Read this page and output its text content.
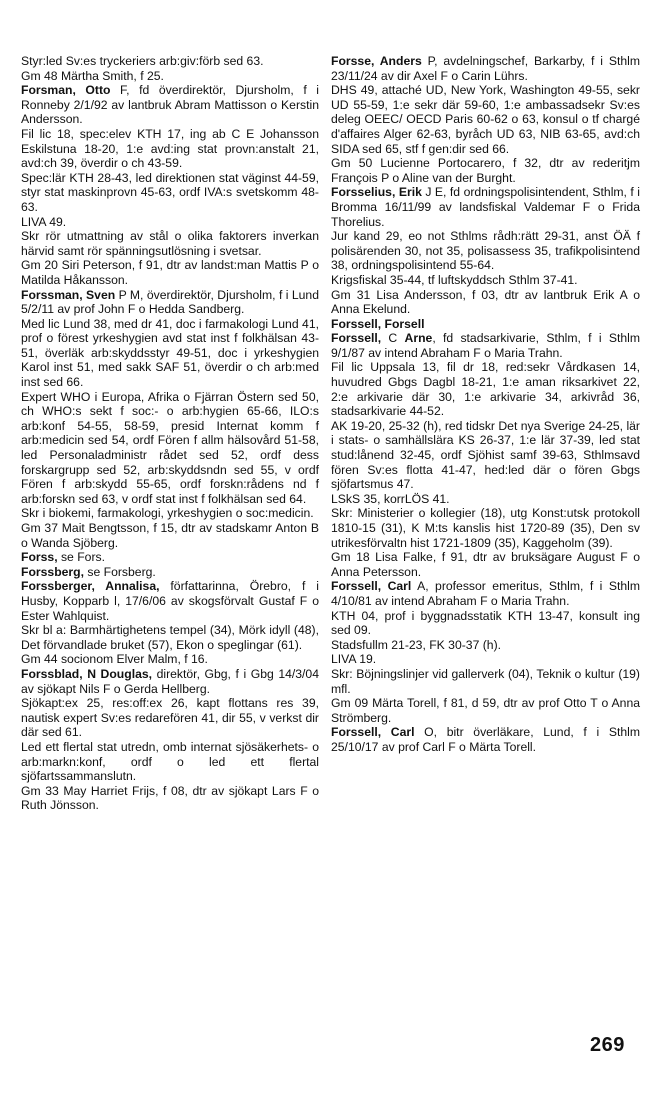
Styr:led Sv:es tryckeriers arb:giv:förb sed 63.

Gm 48 Märtha Smith, f 25.

Forsman, Otto F, fd överdirektör, Djursholm, f i Ronneby 2/1/92 av lantbruk Abram Mattisson o Kerstin Andersson.

Fil lic 18, spec:elev KTH 17, ing ab C E Johansson Eskilstuna 18-20, 1:e avd:ing stat provn:anstalt 21, avd:ch 39, överdir o ch 43-59.

Spec:lär KTH 28-43, led direktionen stat väginst 44-59, styr stat maskinprovn 45-63, ordf IVA:s svetskomm 48-63.

LIVA 49.

Skr rör utmattning av stål o olika faktorers inverkan härvid samt rör spänningsutlösning i svetsar.

Gm 20 Siri Peterson, f 91, dtr av landst:man Mattis P o Matilda Håkansson.

Forssman, Sven P M, överdirektör, Djursholm, f i Lund 5/2/11 av prof John F o Hedda Sandberg.

Med lic Lund 38, med dr 41, doc i farmakologi Lund 41, prof o förest yrkeshygien avd stat inst f folkhälsan 43-51, överläk arb:skyddsstyr 49-51, doc i yrkeshygien Karol inst 51, med sakk SAF 51, överdir o ch arb:med inst sed 66.

Expert WHO i Europa, Afrika o Fjärran Östern sed 50, ch WHO:s sekt f soc:- o arb:hygien 65-66, ILO:s arb:konf 54-55, 58-59, presid Internat komm f arb:medicin sed 54, ordf Fören f allm hälsovård 51-58, led Personaladministr rådet sed 52, ordf dess forskargrupp sed 52, arb:skyddsndn sed 55, v ordf Fören f arb:skydd 55-65, ordf forskn:rådens nd f arb:forskn sed 63, v ordf stat inst f folkhälsan sed 64.

Skr i biokemi, farmakologi, yrkeshygien o soc:medicin.

Gm 37 Mait Bengtsson, f 15, dtr av stadskamr Anton B o Wanda Sjöberg.

Forss, se Fors.

Forssberg, se Forsberg.

Forssberger, Annalisa, författarinna, Örebro, f i Husby, Kopparb l, 17/6/06 av skogsförvalt Gustaf F o Ester Wahlquist.

Skr bl a: Barmhärtighetens tempel (34), Mörk idyll (48), Det förvandlade bruket (57), Ekon o speglingar (61).

Gm 44 socionom Elver Malm, f 16.

Forssblad, N Douglas, direktör, Gbg, f i Gbg 14/3/04 av sjökapt Nils F o Gerda Hellberg.

Sjökapt:ex 25, res:off:ex 26, kapt flottans res 39, nautisk expert Sv:es redarefören 41, dir 55, v verkst dir där sed 61.

Led ett flertal stat utredn, omb internat sjösäkerhets- o arb:markn:konf, ordf o led ett flertal sjöfartssammanslutn.

Gm 33 May Harriet Frijs, f 08, dtr av sjökapt Lars F o Ruth Jönsson.

Forsse, Anders P, avdelningschef, Barkarby, f i Sthlm 23/11/24 av dir Axel F o Carin Lührs.

DHS 49, attaché UD, New York, Washington 49-55, sekr UD 55-59, 1:e sekr där 59-60, 1:e ambassadsekr Sv:es deleg OEEC/ OECD Paris 60-62 o 63, konsul o tf chargé d'affaires Alger 62-63, byråch UD 63, NIB 63-65, avd:ch SIDA sed 65, stf f gen:dir sed 66.

Gm 50 Lucienne Portocarero, f 32, dtr av rederitjm François P o Aline van der Burght.

Forsselius, Erik J E, fd ordningspolisintendent, Sthlm, f i Bromma 16/11/99 av landsfiskal Valdemar F o Frida Thorelius.

Jur kand 29, eo not Sthlms rådh:rätt 29-31, anst ÖÄ f polisärenden 30, not 35, polisassess 35, trafikpolisintend 38, ordningspolisintend 55-64.

Krigsfiskal 35-44, tf luftskyddsch Sthlm 37-41.

Gm 31 Lisa Andersson, f 03, dtr av lantbruk Erik A o Anna Ekelund.

Forssell, Forsell

Forssell, C Arne, fd stadsarkivarie, Sthlm, f i Sthlm 9/1/87 av intend Abraham F o Maria Trahn.

Fil lic Uppsala 13, fil dr 18, red:sekr Vårdkasen 14, huvudred Gbgs Dagbl 18-21, 1:e aman riksarkivet 22, 2:e arkivarie där 30, 1:e arkivarie 34, arkivråd 36, stadsarkivarie 44-52.

AK 19-20, 25-32 (h), red tidskr Det nya Sverige 24-25, lär i stats- o samhällslära KS 26-37, 1:e lär 37-39, led stat stud:lånend 32-45, ordf Sjöhist samf 39-63, Sthlmsavd fören Sv:es flotta 41-47, hed:led där o fören Gbgs sjöfartsmus 47.

LSkS 35, korrLÖS 41.

Skr: Ministerier o kollegier (18), utg Konst:utsk protokoll 1810-15 (31), K M:ts kanslis hist 1720-89 (35), Den sv utrikesförvaltn hist 1721-1809 (35), Kaggeholm (39).

Gm 18 Lisa Falke, f 91, dtr av bruksägare August F o Anna Petersson.

Forssell, Carl A, professor emeritus, Sthlm, f i Sthlm 4/10/81 av intend Abraham F o Maria Trahn.

KTH 04, prof i byggnadsstatik KTH 13-47, konsult ing sed 09.

Stadsfullm 21-23, FK 30-37 (h).

LIVA 19.

Skr: Böjningslinjer vid gallerverk (04), Teknik o kultur (19) mfl.

Gm 09 Märta Torell, f 81, d 59, dtr av prof Otto T o Anna Strömberg.

Forssell, Carl O, bitr överläkare, Lund, f i Sthlm 25/10/17 av prof Carl F o Märta Torell.

269
